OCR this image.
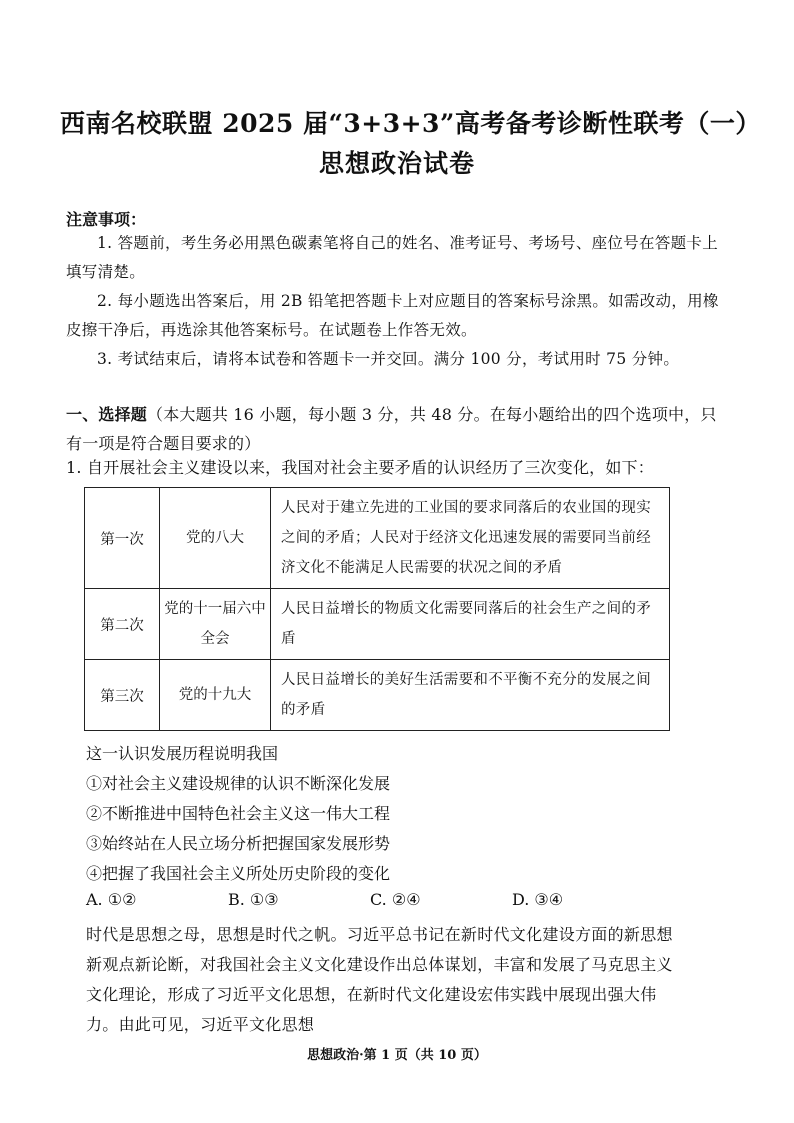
西南名校联盟 2025 届“3+3+3”高考备考诊断性联考（一）
思想政治试卷
注意事项：
1. 答题前，考生务必用黑色碳素笔将自己的姓名、准考证号、考场号、座位号在答题卡上填写清楚。
2. 每小题选出答案后，用 2B 铅笔把答题卡上对应题目的答案标号涂黑。如需改动，用橡皮擦干净后，再选涂其他答案标号。在试题卷上作答无效。
3. 考试结束后，请将本试卷和答题卡一并交回。满分 100 分，考试用时 75 分钟。
一、选择题（本大题共 16 小题，每小题 3 分，共 48 分。在每小题给出的四个选项中，只有一项是符合题目要求的）
1. 自开展社会主义建设以来，我国对社会主要矛盾的认识经历了三次变化，如下：
第一次	党的八大	人民对于建立先进的工业国的要求同落后的农业国的现实之间的矛盾；人民对于经济文化迅速发展的需要同当前经济文化不能满足人民需要的状况之间的矛盾
第二次	党的十一届六中全会	人民日益增长的物质文化需要同落后的社会生产之间的矛盾
第三次	党的十九大	人民日益增长的美好生活需要和不平衡不充分的发展之间的矛盾
这一认识发展历程说明我国
①对社会主义建设规律的认识不断深化发展
②不断推进中国特色社会主义这一伟大工程
③始终站在人民立场分析把握国家发展形势
④把握了我国社会主义所处历史阶段的变化
A. ①②	B. ①③	C. ②④	D. ③④
时代是思想之母，思想是时代之帆。习近平总书记在新时代文化建设方面的新思想新观点新论断，对我国社会主义文化建设作出总体谋划，丰富和发展了马克思主义文化理论，形成了习近平文化思想，在新时代文化建设宏伟实践中展现出强大伟力。由此可见，习近平文化思想
思想政治·第 1 页（共 10 页）
